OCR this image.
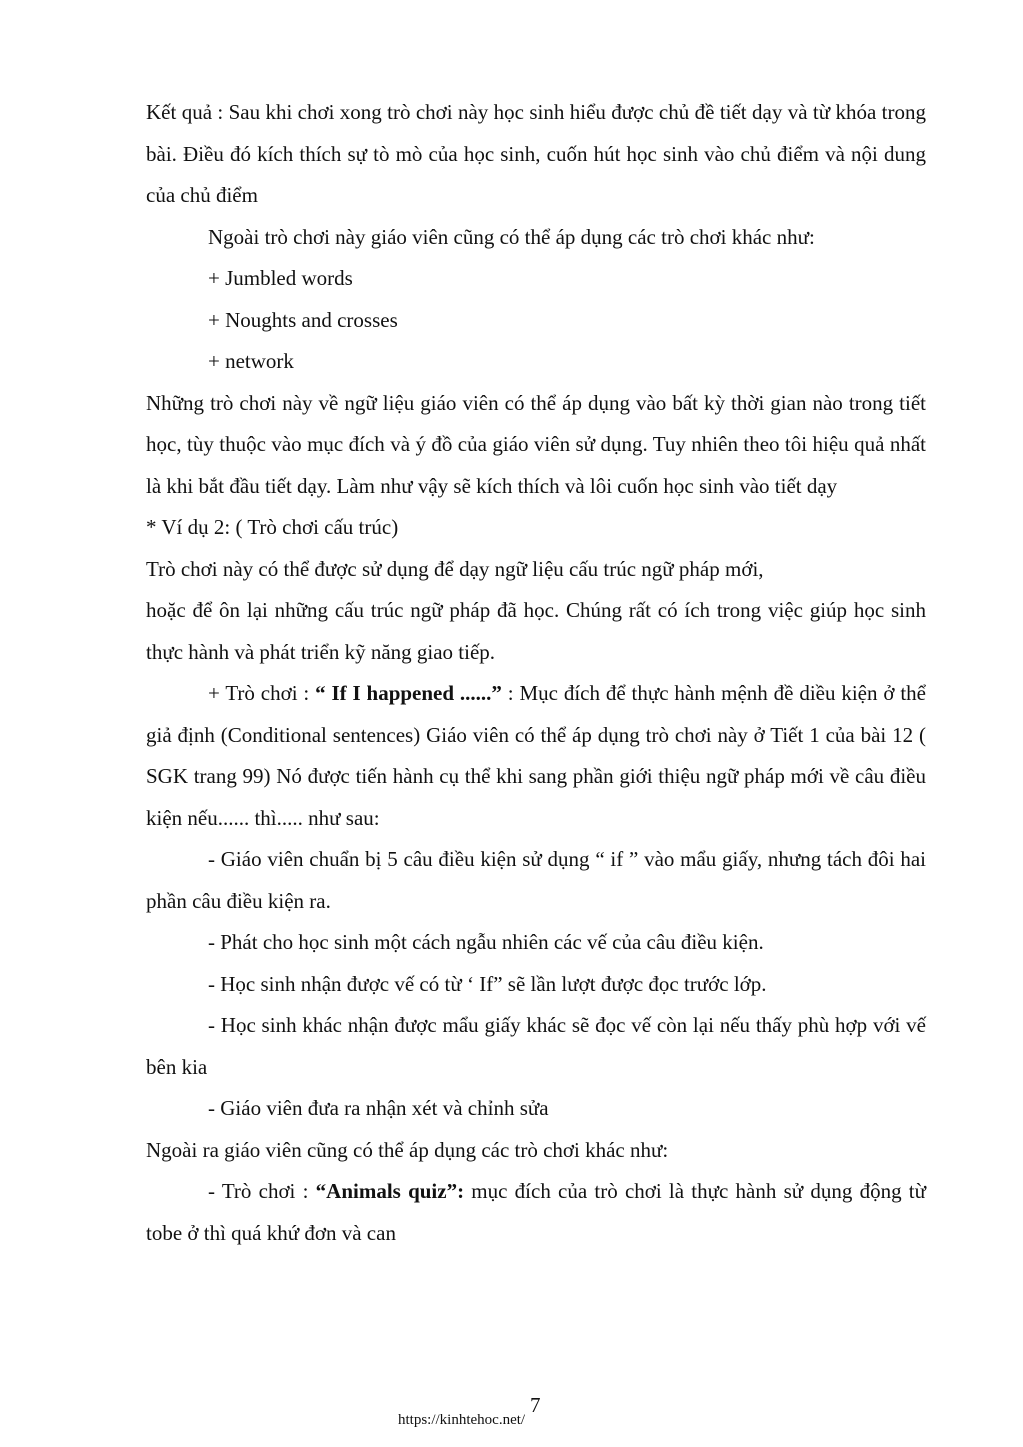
Kết quả : Sau khi chơi xong trò chơi này học sinh hiểu được chủ đề tiết dạy và từ khóa trong bài. Điều đó kích thích sự tò mò của học sinh, cuốn hút học sinh vào chủ điểm và nội dung của chủ điểm

Ngoài trò chơi này giáo viên cũng có thể áp dụng các trò chơi khác như:

+ Jumbled words

+ Noughts and crosses

+ network

Những trò chơi này về ngữ liệu giáo viên có thể áp dụng vào bất kỳ thời gian nào trong tiết học, tùy thuộc vào mục đích và ý đồ của giáo viên sử dụng. Tuy nhiên theo tôi hiệu quả nhất là khi bắt đầu tiết dạy. Làm như vậy sẽ kích thích và lôi cuốn học sinh vào tiết dạy

* Ví dụ 2: ( Trò chơi cấu trúc)

Trò chơi này có thể được sử dụng để dạy ngữ liệu cấu trúc ngữ pháp mới,

hoặc để ôn lại những cấu trúc ngữ pháp đã học. Chúng rất có ích trong việc giúp học sinh thực hành và phát triển kỹ năng giao tiếp.

+ Trò chơi : “ If I happened ......” : Mục đích để thực hành mệnh đề diều kiện ở thể giả định (Conditional sentences) Giáo viên có thể áp dụng trò chơi này ở Tiết 1 của bài 12 ( SGK trang 99) Nó được tiến hành cụ thể khi sang phần giới thiệu ngữ pháp mới về câu điều kiện nếu...... thì..... như sau:

- Giáo viên chuẩn bị 5 câu điều kiện sử dụng “ if ” vào mẩu giấy, nhưng tách đôi hai phần câu điều kiện ra.

- Phát cho học sinh một cách ngẫu nhiên các vế của câu điều kiện.

- Học sinh nhận được vế có từ ‘ If” sẽ lần lượt được đọc trước lớp.

- Học sinh khác nhận được mẩu giấy khác sẽ đọc vế còn lại nếu thấy phù hợp với vế bên kia

- Giáo viên đưa ra nhận xét và chỉnh sửa

Ngoài ra giáo viên cũng có thể áp dụng các trò chơi khác như:

- Trò chơi : “Animals quiz”: mục đích của trò chơi là thực hành sử dụng động từ tobe ở thì quá khứ đơn và can

7
https://kinhtehoc.net/
